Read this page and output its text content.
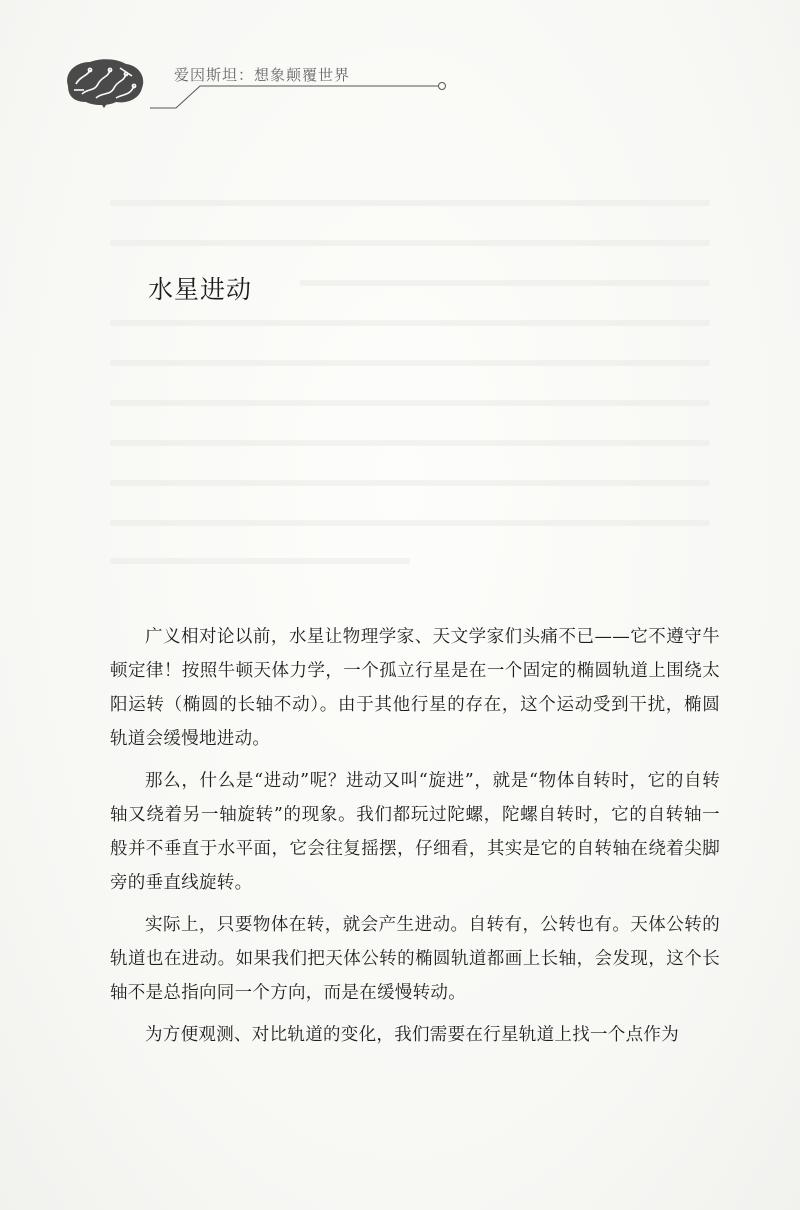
爱因斯坦：想象颠覆世界
水星进动

广义相对论以前，水星让物理学家、天文学家们头痛不已——它不遵守牛顿定律！按照牛顿天体力学，一个孤立行星是在一个固定的椭圆轨道上围绕太阳运转（椭圆的长轴不动）。由于其他行星的存在，这个运动受到干扰，椭圆轨道会缓慢地进动。

那么，什么是“进动”呢？进动又叫“旋进”，就是“物体自转时，它的自转轴又绕着另一轴旋转”的现象。我们都玩过陀螺，陀螺自转时，它的自转轴一般并不垂直于水平面，它会往复摇摆，仔细看，其实是它的自转轴在绕着尖脚旁的垂直线旋转。

实际上，只要物体在转，就会产生进动。自转有，公转也有。天体公转的轨道也在进动。如果我们把天体公转的椭圆轨道都画上长轴，会发现，这个长轴不是总指向同一个方向，而是在缓慢转动。

为方便观测、对比轨道的变化，我们需要在行星轨道上找一个点作为
